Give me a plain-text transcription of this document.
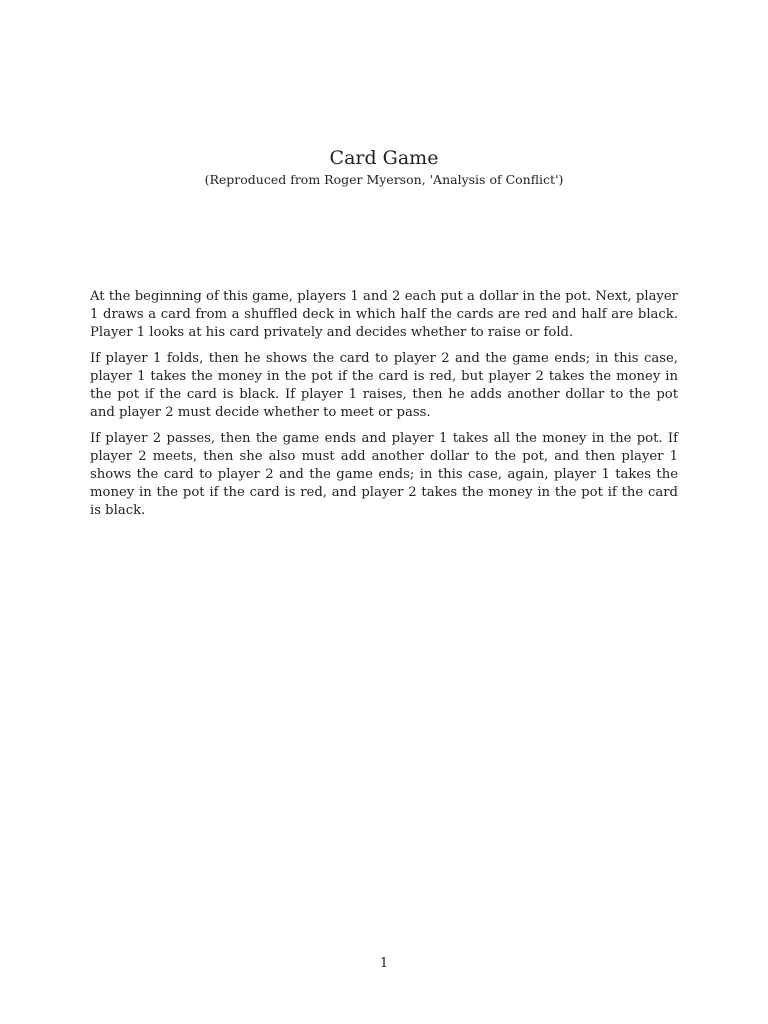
Card Game
(Reproduced from Roger Myerson, 'Analysis of Conflict')

At the beginning of this game, players 1 and 2 each put a dollar in the pot. Next, player 1 draws a card from a shuffled deck in which half the cards are red and half are black. Player 1 looks at his card privately and decides whether to raise or fold.

If player 1 folds, then he shows the card to player 2 and the game ends; in this case, player 1 takes the money in the pot if the card is red, but player 2 takes the money in the pot if the card is black. If player 1 raises, then he adds another dollar to the pot and player 2 must decide whether to meet or pass.

If player 2 passes, then the game ends and player 1 takes all the money in the pot. If player 2 meets, then she also must add another dollar to the pot, and then player 1 shows the card to player 2 and the game ends; in this case, again, player 1 takes the money in the pot if the card is red, and player 2 takes the money in the pot if the card is black.

1
